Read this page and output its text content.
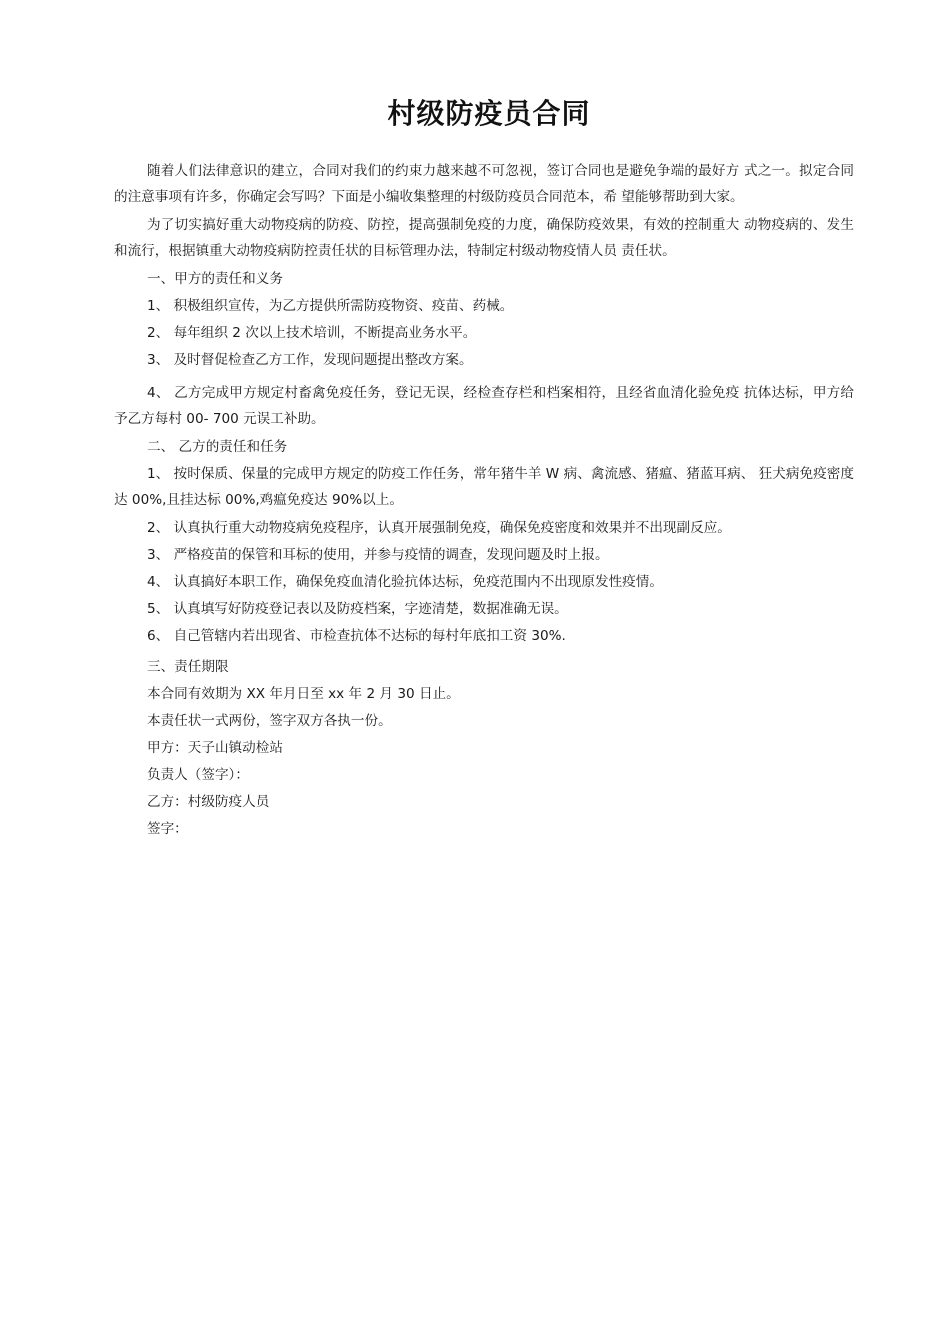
村级防疫员合同

随着人们法律意识的建立，合同对我们的约束力越来越不可忽视，签订合同也是避免争端的最好方 式之一。拟定合同的注意事项有许多，你确定会写吗？下面是小编收集整理的村级防疫员合同范本，希 望能够帮助到大家。

为了切实搞好重大动物疫病的防疫、防控，提高强制免疫的力度，确保防疫效果，有效的控制重大 动物疫病的、发生和流行，根据镇重大动物疫病防控责任状的目标管理办法，特制定村级动物疫情人员 责任状。

一、甲方的责任和义务
1、 积极组织宣传，为乙方提供所需防疫物资、疫苗、药械。
2、 每年组织 2 次以上技术培训，不断提高业务水平。
3、 及时督促检查乙方工作，发现问题提出整改方案。

4、 乙方完成甲方规定村畜禽免疫任务，登记无误，经检查存栏和档案相符，且经省血清化验免疫 抗体达标，甲方给予乙方每村 00- 700 元误工补助。

二、 乙方的责任和任务

1、 按时保质、保量的完成甲方规定的防疫工作任务，常年猪牛羊 W 病、禽流感、猪瘟、猪蓝耳病、 狂犬病免疫密度达 00%,且挂达标 00%,鸡瘟免疫达 90%以上。

2、 认真执行重大动物疫病免疫程序，认真开展强制免疫，确保免疫密度和效果并不出现副反应。
3、 严格疫苗的保管和耳标的使用，并参与疫情的调查，发现问题及时上报。
4、 认真搞好本职工作，确保免疫血清化验抗体达标，免疫范围内不出现原发性疫情。
5、 认真填写好防疫登记表以及防疫档案，字迹清楚，数据准确无误。
6、 自己管辖内若出现省、市检查抗体不达标的每村年底扣工资 30%.
三、责任期限
本合同有效期为 XX 年月日至 xx 年 2 月 30 日止。
本责任状一式两份，签字双方各执一份。
甲方：天子山镇动检站
负责人（签字）：
乙方：村级防疫人员
签字：
